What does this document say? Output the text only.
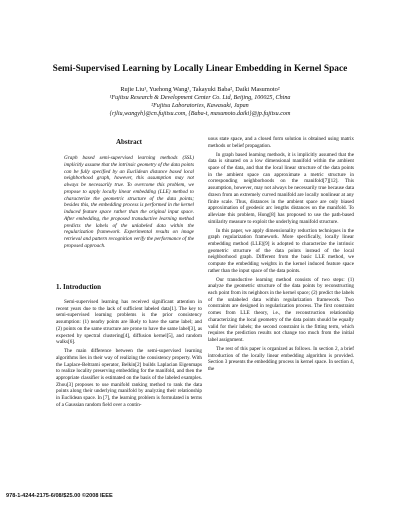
Semi-Supervised Learning by Locally Linear Embedding in Kernel Space
Rujie Liu¹, Yuehong Wang¹, Takayuki Baba², Daiki Masumoto²
¹Fujitsu Research & Development Center Co. Ltd, Beijing, 100025, China
²Fujitsu Laboratories, Kawasaki, Japan
{rjliu,wangyh}@cn.fujitsu.com, {Baba-t, masumoto.daiki}@jp.fujitsu.com
Abstract
Graph based semi-supervised learning methods (SSL) implicitly assume that the intrinsic geometry of the data points can be fully specified by an Euclidean distance based local neighborhood graph, however, this assumption may not always be necessarily true. To overcome this problem, we propose to apply locally linear embedding (LLE) method to characterize the geometric structure of the data points; besides this, the embedding process is performed in the kernel induced feature space rather than the original input space. After embedding, the proposed transductive learning method predicts the labels of the unlabeled data within the regularization framework. Experimental results on image retrieval and pattern recognition verify the performance of the proposed approach.
1. Introduction

Semi-supervised learning has received significant attention in recent years due to the lack of sufficient labeled data[1]. The key to semi-supervised learning problems is the prior consistency assumption: (1) nearby points are likely to have the same label; and (2) points on the same structure are prone to have the same label[3], as expected by spectral clustering[4], diffusion kernel[5], and random walks[6].

The main difference between the semi-supervised learning algorithms lies in their way of realizing the consistency property. With the Laplace-Beltrami operator, Belkin[2] builds Laplacian Eigenmaps to realize locality preserving embedding for the manifold, and then the appropriate classifier is estimated on the basis of the labeled examples. Zhou[3] proposes to use manifold ranking method to rank the data points along their underlying manifold by analyzing their relationship in Euclidean space. In [7], the learning problem is formulated in terms of a Gaussian random field over a contin-

uous state space, and a closed form solution is obtained using matrix methods or belief propagation.

In graph based learning methods, it is implicitly assumed that the data is situated on a low dimensional manifold within the ambient space of the data, and that the local linear structure of the data points in the ambient space can approximate a metric structure in corresponding neighborhoods on the manifold[7][12]. This assumption, however, may not always be necessarily true because data drawn from an extremely curved manifold are locally nonlinear at any finite scale. Thus, distances in the ambient space are only biased approximation of geodesic arc lengths distances on the manifold. To alleviate this problem, Hong[8] has proposed to use the path-based similarity measure to exploit the underlying manifold structure.

In this paper, we apply dimensionality reduction techniques in the graph regularization framework. More specifically, locally linear embedding method (LLE)[9] is adopted to characterize the intrinsic geometric structure of the data points instead of the local neighborhood graph. Different from the basic LLE method, we compute the embedding weights in the kernel induced feature space rather than the input space of the data points.

Our transductive learning method consists of two steps: (1) analyze the geometric structure of the data points by reconstructing each point from its neighbors in the kernel space; (2) predict the labels of the unlabeled data within regularization framework. Two constraints are designed in regularization process. The first constraint comes from LLE theory, i.e., the reconstruction relationship characterizing the local geometry of the data points should be equally valid for their labels; the second constraint is the fitting term, which requires the prediction results not change too much from the initial label assignment.

The rest of this paper is organized as follows. In section 2, a brief introduction of the locally linear embedding algorithm is provided. Section 3 presents the embedding process in kernel space. In section 4, the

978-1-4244-2175-6/08/$25.00 ©2008 IEEE
